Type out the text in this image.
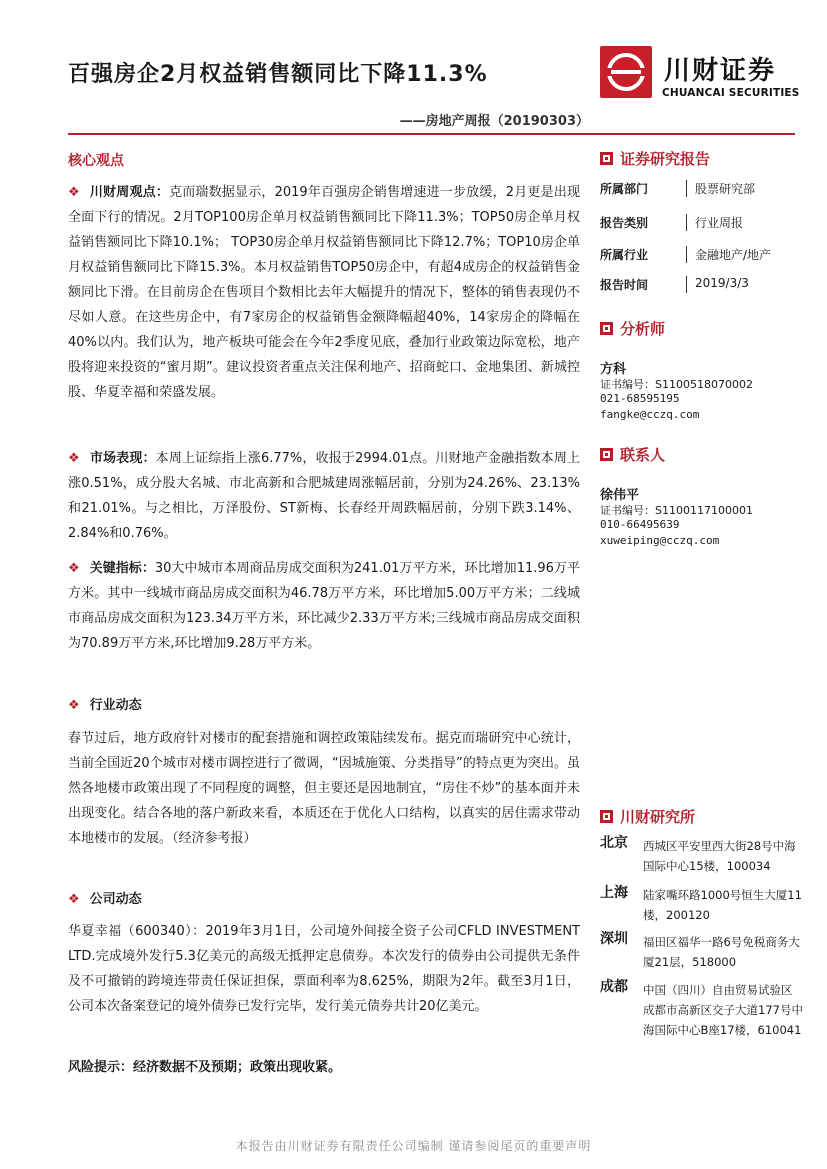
百强房企2月权益销售额同比下降11.3%
——房地产周报（20190303）
川财证券
CHUANCAI SECURITIES
核心观点
❖ 川财周观点：克而瑞数据显示，2019年百强房企销售增速进一步放缓，2月更是出现全面下行的情况。2月TOP100房企单月权益销售额同比下降11.3%；TOP50房企单月权益销售额同比下降10.1%； TOP30房企单月权益销售额同比下降12.7%；TOP10房企单月权益销售额同比下降15.3%。本月权益销售TOP50房企中，有超4成房企的权益销售金额同比下滑。在目前房企在售项目个数相比去年大幅提升的情况下，整体的销售表现仍不尽如人意。在这些房企中，有7家房企的权益销售金额降幅超40%，14家房企的降幅在40%以内。我们认为，地产板块可能会在今年2季度见底，叠加行业政策边际宽松，地产股将迎来投资的“蜜月期”。建议投资者重点关注保利地产、招商蛇口、金地集团、新城控股、华夏幸福和荣盛发展。
❖ 市场表现：本周上证综指上涨6.77%，收报于2994.01点。川财地产金融指数本周上涨0.51%，成分股大名城、市北高新和合肥城建周涨幅居前，分别为24.26%、23.13%和21.01%。与之相比，万泽股份、ST新梅、长春经开周跌幅居前，分别下跌3.14%、2.84%和0.76%。
❖ 关键指标：30大中城市本周商品房成交面积为241.01万平方米，环比增加11.96万平方米。其中一线城市商品房成交面积为46.78万平方米，环比增加5.00万平方米；二线城市商品房成交面积为123.34万平方米，环比减少2.33万平方米;三线城市商品房成交面积为70.89万平方米,环比增加9.28万平方米。
❖ 行业动态
春节过后，地方政府针对楼市的配套措施和调控政策陆续发布。据克而瑞研究中心统计，当前全国近20个城市对楼市调控进行了微调，“因城施策、分类指导”的特点更为突出。虽然各地楼市政策出现了不同程度的调整，但主要还是因地制宜，“房住不炒”的基本面并未出现变化。结合各地的落户新政来看，本质还在于优化人口结构，以真实的居住需求带动本地楼市的发展。（经济参考报）
❖ 公司动态
华夏幸福（600340）：2019年3月1日，公司境外间接全资子公司CFLD INVESTMENT LTD.完成境外发行5.3亿美元的高级无抵押定息债券。本次发行的债券由公司提供无条件及不可撤销的跨境连带责任保证担保，票面利率为8.625%，期限为2年。截至3月1日，公司本次备案登记的境外债券已发行完毕，发行美元债券共计20亿美元。
风险提示：经济数据不及预期；政策出现收紧。
证券研究报告
所属部门	股票研究部
报告类别	行业周报
所属行业	金融地产/地产
报告时间	2019/3/3
分析师
方科
证书编号：S1100518070002
021-68595195
fangke@cczq.com
联系人
徐伟平
证书编号：S1100117100001
010-66495639
xuweiping@cczq.com
川财研究所
北京 西城区平安里西大街28号中海国际中心15楼，100034
上海 陆家嘴环路1000号恒生大厦11楼，200120
深圳 福田区福华一路6号免税商务大厦21层，518000
成都 中国（四川）自由贸易试验区成都市高新区交子大道177号中海国际中心B座17楼，610041
本报告由川财证券有限责任公司编制 谨请参阅尾页的重要声明
